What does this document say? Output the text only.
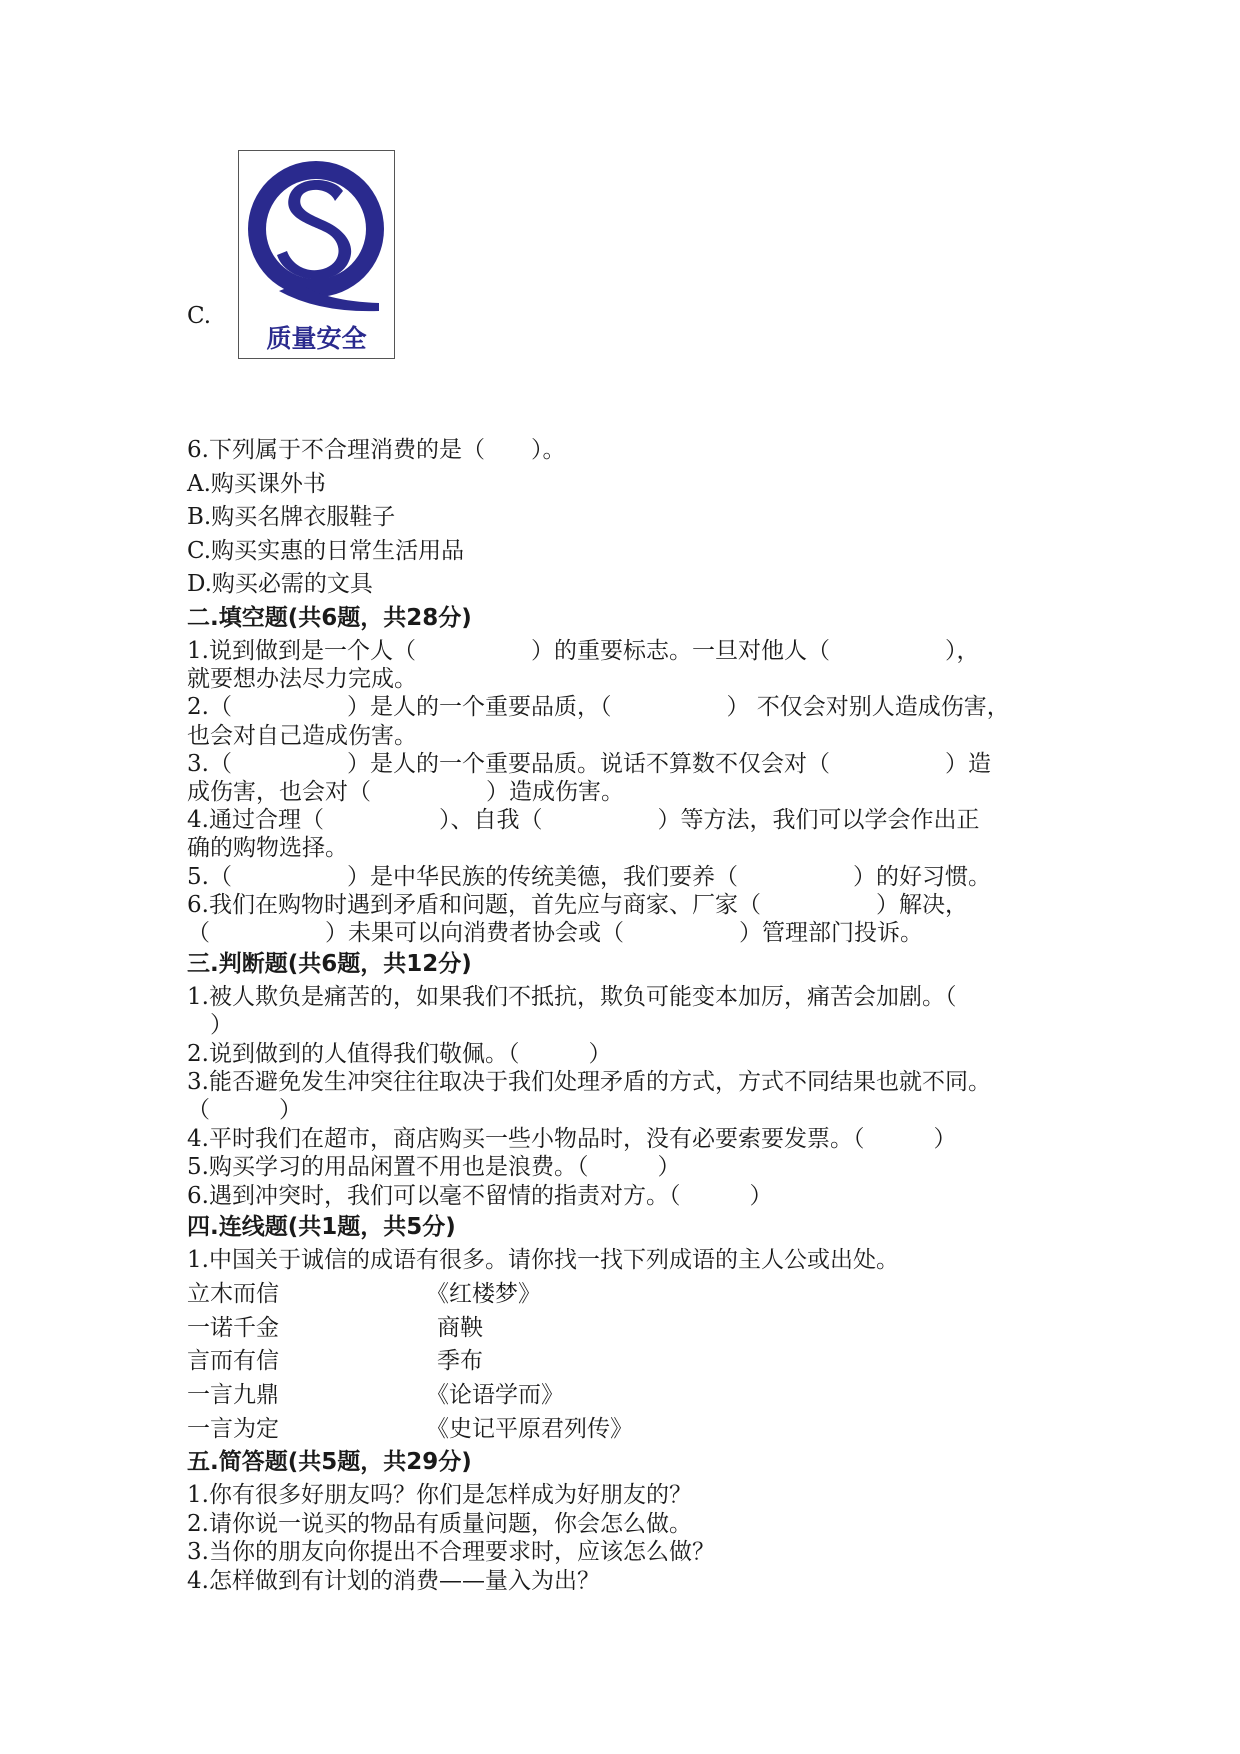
C.
质量安全
6.下列属于不合理消费的是（　　）。
A.购买课外书
B.购买名牌衣服鞋子
C.购买实惠的日常生活用品
D.购买必需的文具
二.填空题(共6题，共28分)
1.说到做到是一个人（　　　　　）的重要标志。一旦对他人（　　　　　），
就要想办法尽力完成。
2.（　　　　　）是人的一个重要品质，（　　　　　） 不仅会对别人造成伤害，
也会对自己造成伤害。
3.（　　　　　）是人的一个重要品质。说话不算数不仅会对（　　　　　）造
成伤害，也会对（　　　　　）造成伤害。
4.通过合理（　　　　　）、自我（　　　　　）等方法，我们可以学会作出正
确的购物选择。
5.（　　　　　）是中华民族的传统美德，我们要养（　　　　　）的好习惯。
6.我们在购物时遇到矛盾和问题，首先应与商家、厂家（　　　　　）解决，
（　　　　　）未果可以向消费者协会或（　　　　　）管理部门投诉。
三.判断题(共6题，共12分)
1.被人欺负是痛苦的，如果我们不抵抗，欺负可能变本加厉，痛苦会加剧。（
　）
2.说到做到的人值得我们敬佩。（　　　）
3.能否避免发生冲突往往取决于我们处理矛盾的方式，方式不同结果也就不同。
（　　　）
4.平时我们在超市，商店购买一些小物品时，没有必要索要发票。（　　　）
5.购买学习的用品闲置不用也是浪费。（　　　）
6.遇到冲突时，我们可以毫不留情的指责对方。（　　　）
四.连线题(共1题，共5分)
1.中国关于诚信的成语有很多。请你找一找下列成语的主人公或出处。
立木而信
一诺千金
言而有信
一言九鼎
一言为定
《红楼梦》
商鞅
季布
《论语学而》
《史记平原君列传》
五.简答题(共5题，共29分)
1.你有很多好朋友吗？你们是怎样成为好朋友的？
2.请你说一说买的物品有质量问题，你会怎么做。
3.当你的朋友向你提出不合理要求时，应该怎么做？
4.怎样做到有计划的消费——量入为出？
